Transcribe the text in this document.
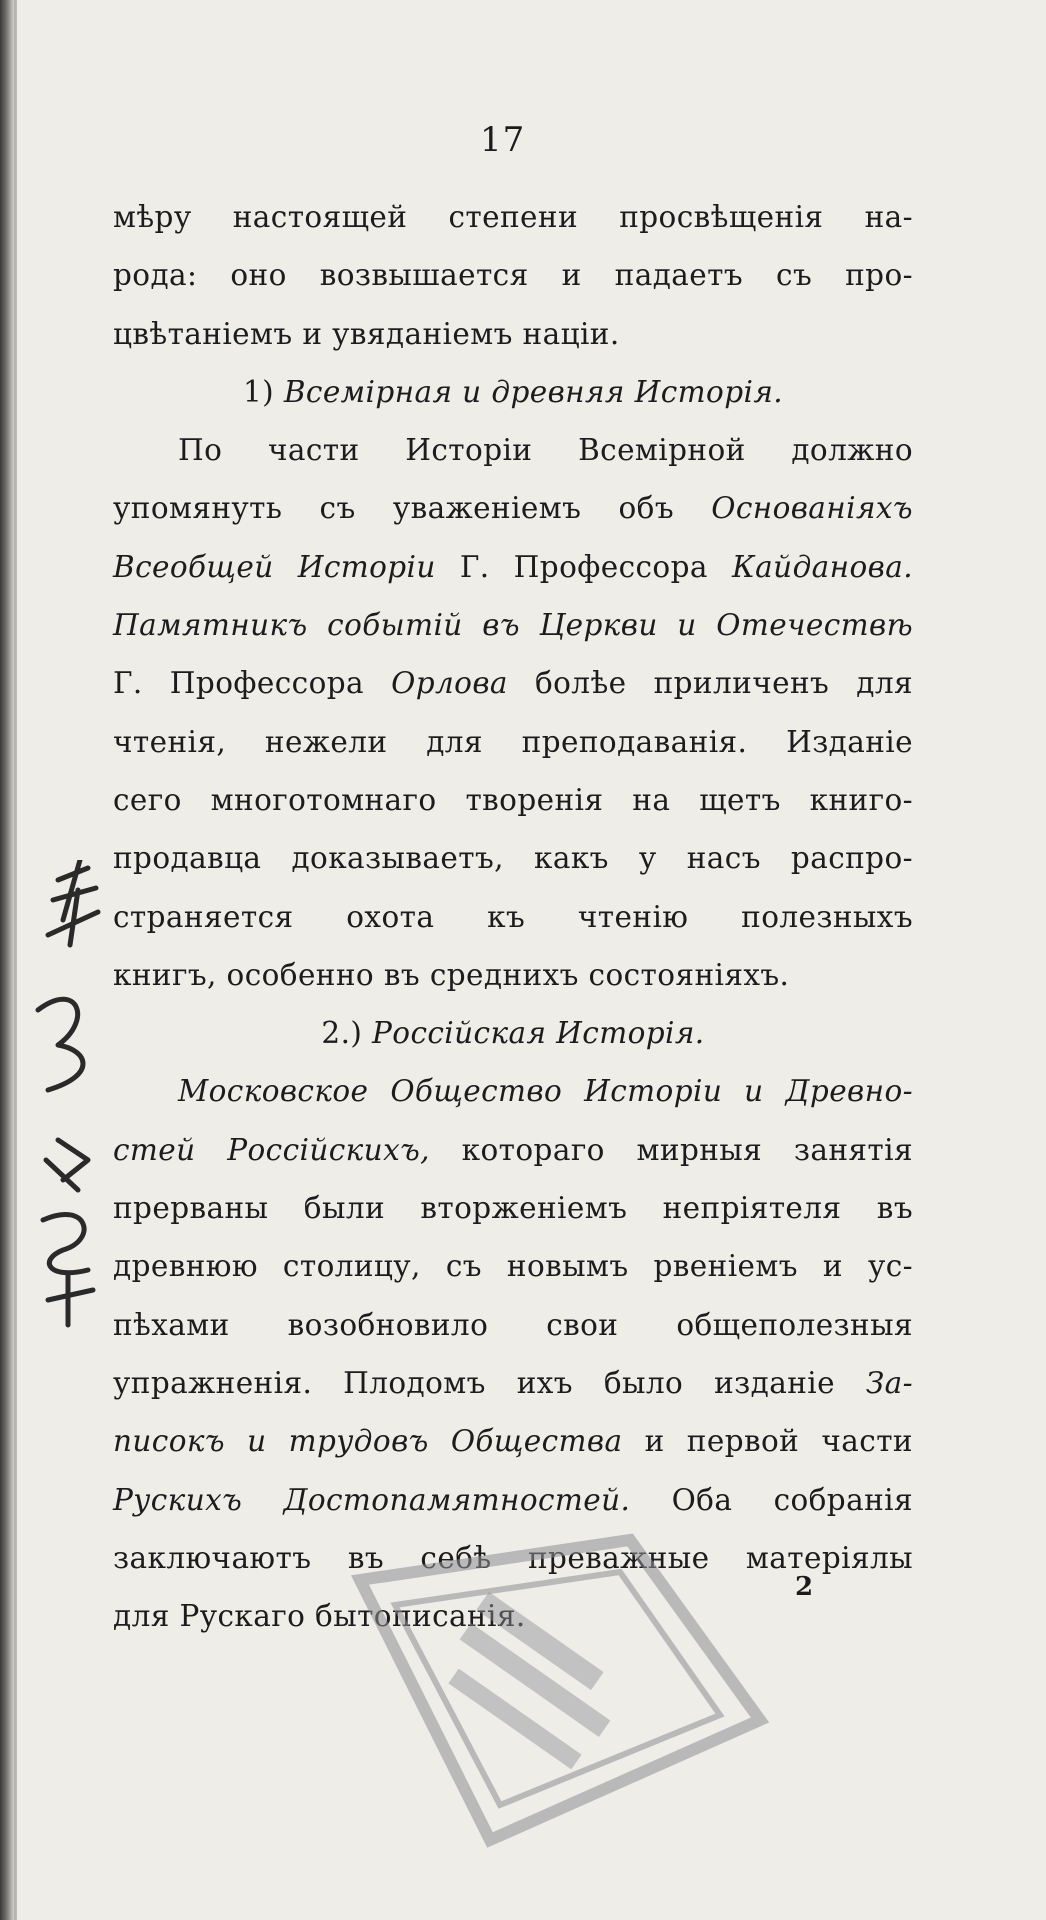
17
мѣру настоящей степени просвѣщенія на-
рода: оно возвышается и падаетъ съ про-
цвѣтаніемъ и увяданіемъ націи.
1) Всемірная и древняя Исторія.
По части Исторіи Всемірной должно
упомянуть съ уваженіемъ объ Основаніяхъ
Всеобщей Исторіи Г. Профессора Кайданова.
Памятникъ событій въ Церкви и Отечествѣ
Г. Профессора Орлова болѣе приличенъ для
чтенія, нежели для преподаванія. Изданіе
сего многотомнаго творенія на щетъ книго-
продавца доказываетъ, какъ у насъ распро-
страняется охота къ чтенію полезныхъ
книгъ, особенно въ среднихъ состояніяхъ.
2.) Россійская Исторія.
Московское Общество Исторіи и Древно-
стей Россійскихъ, котораго мирныя занятія
прерваны были вторженіемъ непріятеля въ
древнюю столицу, съ новымъ рвеніемъ и ус-
пѣхами возобновило свои общеполезныя
упражненія. Плодомъ ихъ было изданіе За-
писокъ и трудовъ Общества и первой части
Рускихъ Достопамятностей. Оба собранія
заключаютъ въ себѣ преважные матеріялы
для Рускаго бытописанія.
2
